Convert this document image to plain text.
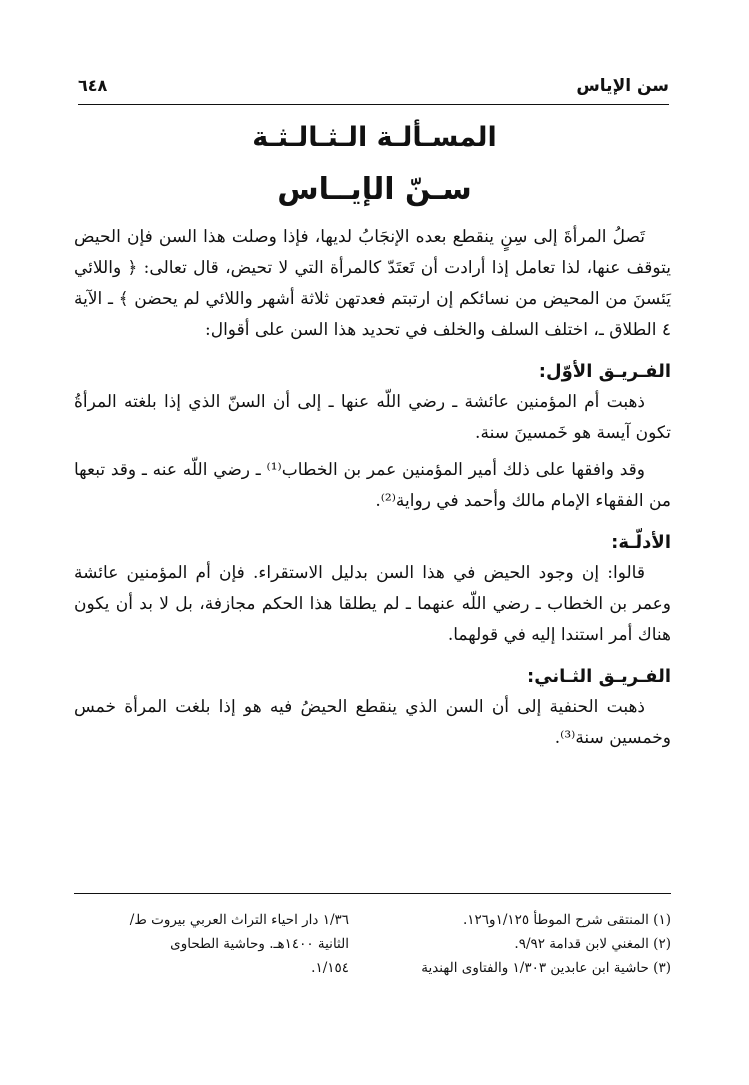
سن الإياس
٦٤٨
المسـألـة الـثـالـثـة
سـنّ الإيــاس

تَصلُ المرأةَ إلى سِنٍ ينقطع بعده الإنجَابُ لديها، فإذا وصلت هذا السن فإن الحيض يتوقف عنها، لذا تعامل إذا أرادت أن تَعتَدّ كالمرأة التي لا تحيض، قال تعالى: ﴿ واللائي يَئسنَ من المحيض من نسائكم إن ارتبتم فعدتهن ثلاثة أشهر واللائي لم يحضن ﴾ ـ الآية ٤ الطلاق ـ، اختلف السلف والخلف في تحديد هذا السن على أقوال:

الفـريـق الأوّل:

ذهبت أم المؤمنين عائشة ـ رضي اللّه عنها ـ إلى أن السنّ الذي إذا بلغته المرأةُ تكون آيسة هو خَمسينَ سنة.

وقد وافقها على ذلك أمير المؤمنين عمر بن الخطاب⁽¹⁾ ـ رضي اللّه عنه ـ وقد تبعها من الفقهاء الإمام مالك وأحمد في رواية⁽²⁾.

الأدلّـة:

قالوا: إن وجود الحيض في هذا السن بدليل الاستقراء. فإن أم المؤمنين عائشة وعمر بن الخطاب ـ رضي اللّه عنهما ـ لم يطلقا هذا الحكم مجازفة، بل لا بد أن يكون هناك أمر استندا إليه في قولهما.

الفـريـق الثـاني:

ذهبت الحنفية إلى أن السن الذي ينقطع الحيضُ فيه هو إذا بلغت المرأة خمس وخمسين سنة⁽³⁾.

(١) المنتقى شرح الموطأ ١/١٢٥و١٢٦.
(٢) المغني لابن قدامة ٩/٩٢.
(٣) حاشية ابن عابدين ١/٣٠٣ والفتاوى الهندية
١/٣٦ دار احياء التراث العربي بيروت ط/
الثانية ١٤٠٠هـ. وحاشية الطحاوى
١/١٥٤.
